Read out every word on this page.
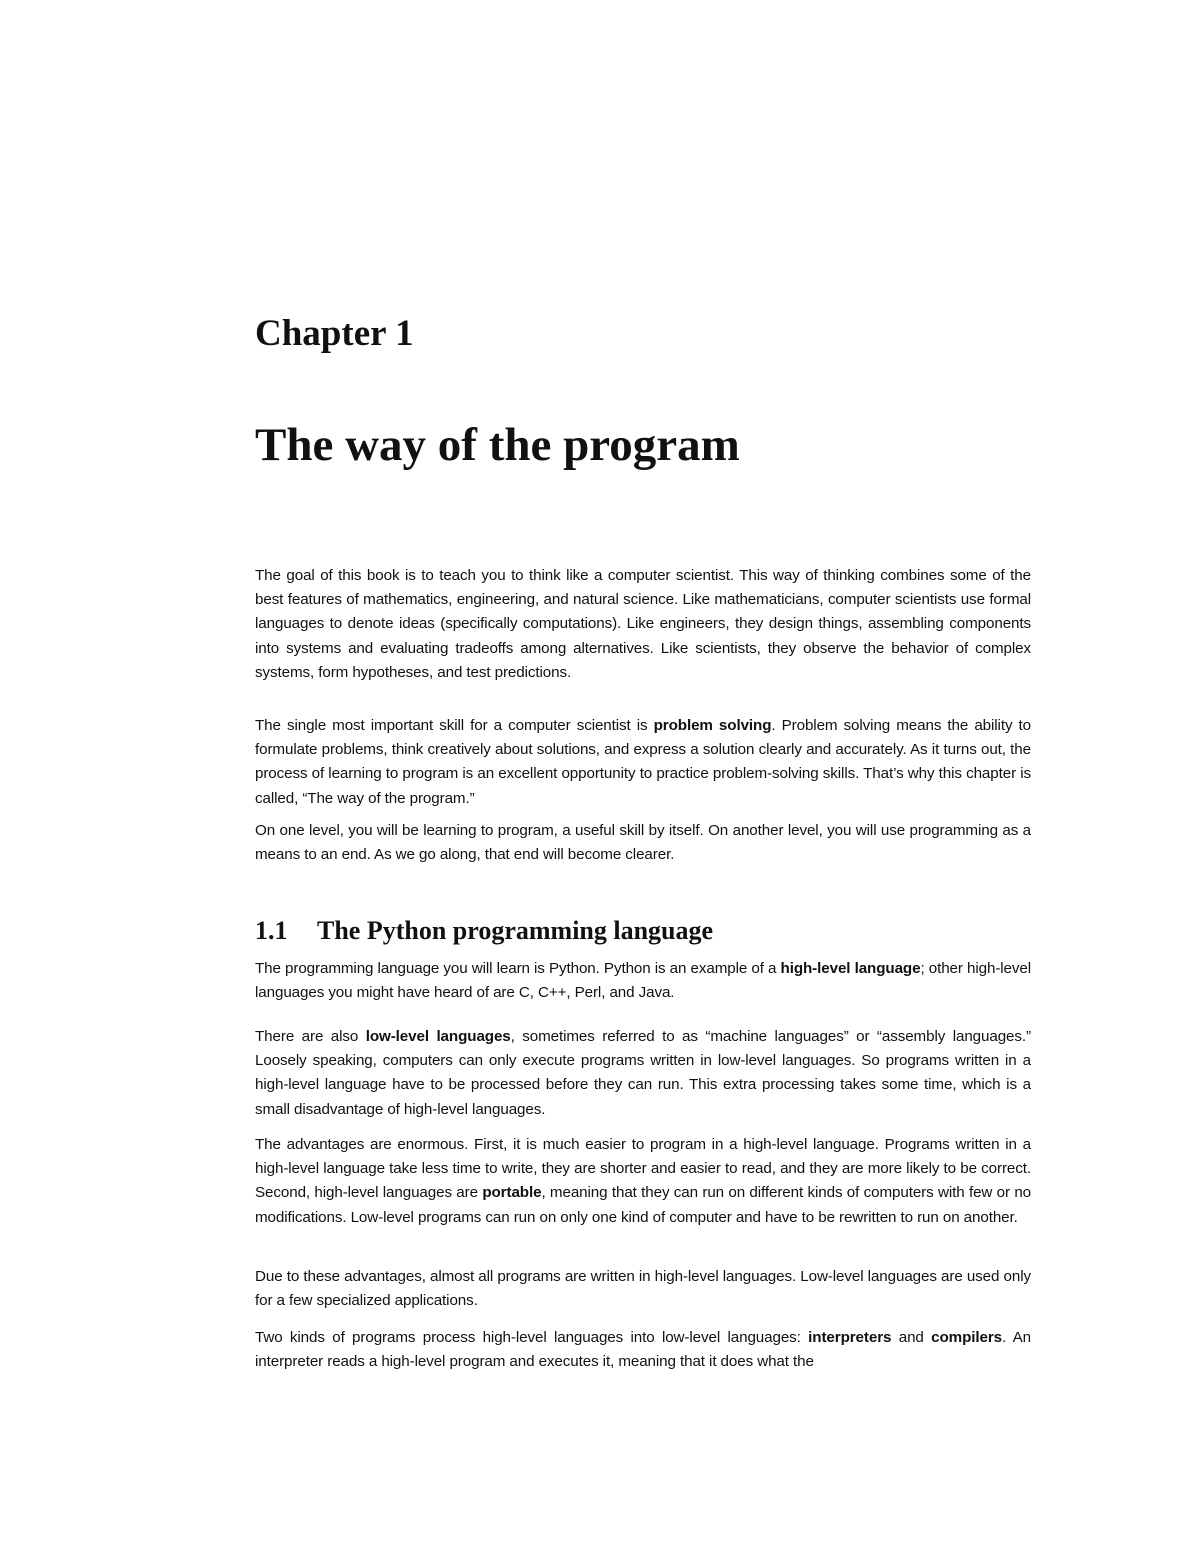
Chapter 1
The way of the program

The goal of this book is to teach you to think like a computer scientist. This way of thinking combines some of the best features of mathematics, engineering, and natural science. Like mathematicians, computer scientists use formal languages to denote ideas (specifically computations). Like engineers, they design things, assembling components into systems and evaluating tradeoffs among alternatives. Like scientists, they observe the behavior of complex systems, form hypotheses, and test predictions.

The single most important skill for a computer scientist is problem solving. Problem solving means the ability to formulate problems, think creatively about solutions, and express a solution clearly and accurately. As it turns out, the process of learning to program is an excellent opportunity to practice problem-solving skills. That’s why this chapter is called, “The way of the program.”

On one level, you will be learning to program, a useful skill by itself. On another level, you will use programming as a means to an end. As we go along, that end will become clearer.

1.1 The Python programming language

The programming language you will learn is Python. Python is an example of a high-level language; other high-level languages you might have heard of are C, C++, Perl, and Java.

There are also low-level languages, sometimes referred to as “machine languages” or “assembly languages.” Loosely speaking, computers can only execute programs written in low-level languages. So programs written in a high-level language have to be processed before they can run. This extra processing takes some time, which is a small disadvantage of high-level languages.

The advantages are enormous. First, it is much easier to program in a high-level language. Programs written in a high-level language take less time to write, they are shorter and easier to read, and they are more likely to be correct. Second, high-level languages are portable, meaning that they can run on different kinds of computers with few or no modifications. Low-level programs can run on only one kind of computer and have to be rewritten to run on another.

Due to these advantages, almost all programs are written in high-level languages. Low-level languages are used only for a few specialized applications.

Two kinds of programs process high-level languages into low-level languages: interpreters and compilers. An interpreter reads a high-level program and executes it, meaning that it does what the
